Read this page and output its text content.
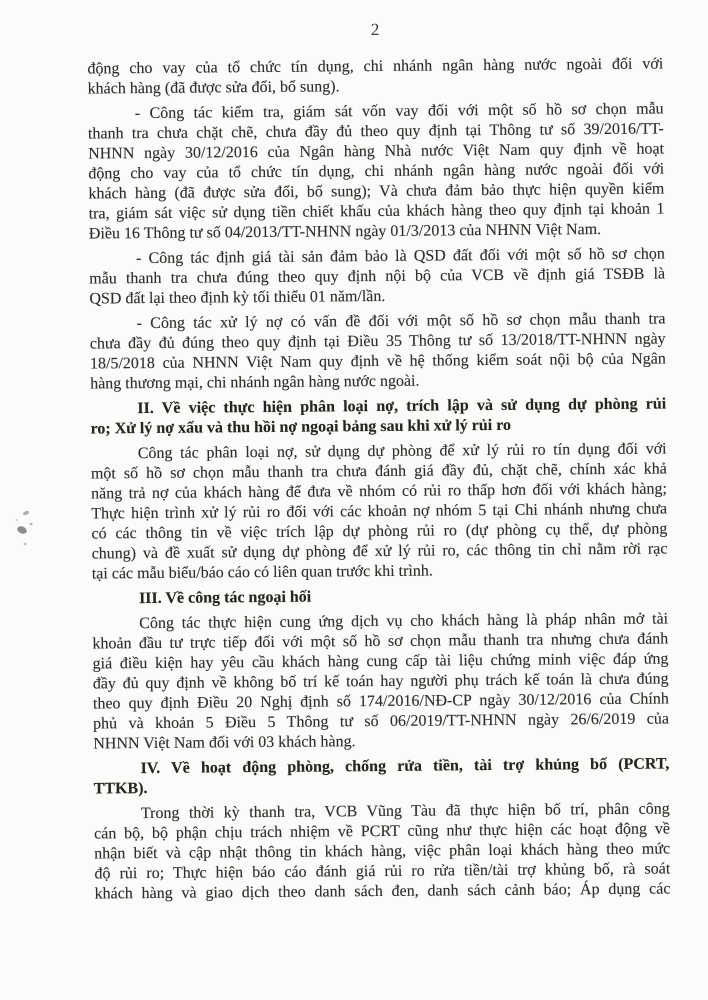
2
động cho vay của tổ chức tín dụng, chi nhánh ngân hàng nước ngoài đối với
khách hàng (đã được sửa đổi, bổ sung).
- Công tác kiểm tra, giám sát vốn vay đối với một số hồ sơ chọn mẫu
thanh tra chưa chặt chẽ, chưa đầy đủ theo quy định tại Thông tư số 39/2016/TT-
NHNN ngày 30/12/2016 của Ngân hàng Nhà nước Việt Nam quy định về hoạt
động cho vay của tổ chức tín dụng, chi nhánh ngân hàng nước ngoài đối với
khách hàng (đã được sửa đổi, bổ sung); Và chưa đảm bảo thực hiện quyền kiểm
tra, giám sát việc sử dụng tiền chiết khấu của khách hàng theo quy định tại khoản 1
Điều 16 Thông tư số 04/2013/TT-NHNN ngày 01/3/2013 của NHNN Việt Nam.
- Công tác định giá tài sản đảm bảo là QSD đất đối với một số hồ sơ chọn
mẫu thanh tra chưa đúng theo quy định nội bộ của VCB về định giá TSĐB là
QSD đất lại theo định kỳ tối thiểu 01 năm/lần.
- Công tác xử lý nợ có vấn đề đối với một số hồ sơ chọn mẫu thanh tra
chưa đầy đủ đúng theo quy định tại Điều 35 Thông tư số 13/2018/TT-NHNN ngày
18/5/2018 của NHNN Việt Nam quy định về hệ thống kiểm soát nội bộ của Ngân
hàng thương mại, chi nhánh ngân hàng nước ngoài.
II. Về việc thực hiện phân loại nợ, trích lập và sử dụng dự phòng rủi
ro; Xử lý nợ xấu và thu hồi nợ ngoại bảng sau khi xử lý rủi ro
Công tác phân loại nợ, sử dụng dự phòng để xử lý rủi ro tín dụng đối với
một số hồ sơ chọn mẫu thanh tra chưa đánh giá đầy đủ, chặt chẽ, chính xác khả
năng trả nợ của khách hàng để đưa về nhóm có rủi ro thấp hơn đối với khách hàng;
Thực hiện trình xử lý rủi ro đối với các khoản nợ nhóm 5 tại Chi nhánh nhưng chưa
có các thông tin về việc trích lập dự phòng rủi ro (dự phòng cụ thể, dự phòng
chung) và đề xuất sử dụng dự phòng để xử lý rủi ro, các thông tin chỉ nằm rời rạc
tại các mẫu biểu/báo cáo có liên quan trước khi trình.
III. Về công tác ngoại hối
Công tác thực hiện cung ứng dịch vụ cho khách hàng là pháp nhân mở tài
khoản đầu tư trực tiếp đối với một số hồ sơ chọn mẫu thanh tra nhưng chưa đánh
giá điều kiện hay yêu cầu khách hàng cung cấp tài liệu chứng minh việc đáp ứng
đầy đủ quy định về không bố trí kế toán hay người phụ trách kế toán là chưa đúng
theo quy định Điều 20 Nghị định số 174/2016/NĐ-CP ngày 30/12/2016 của Chính
phủ và khoản 5 Điều 5 Thông tư số 06/2019/TT-NHNN ngày 26/6/2019 của
NHNN Việt Nam đối với 03 khách hàng.
IV. Về hoạt động phòng, chống rửa tiền, tài trợ khủng bố (PCRT,
TTKB).
Trong thời kỳ thanh tra, VCB Vũng Tàu đã thực hiện bố trí, phân công
cán bộ, bộ phận chịu trách nhiệm về PCRT cũng như thực hiện các hoạt động về
nhận biết và cập nhật thông tin khách hàng, việc phân loại khách hàng theo mức
độ rủi ro; Thực hiện báo cáo đánh giá rủi ro rửa tiền/tài trợ khủng bố, rà soát
khách hàng và giao dịch theo danh sách đen, danh sách cảnh báo; Áp dụng các
